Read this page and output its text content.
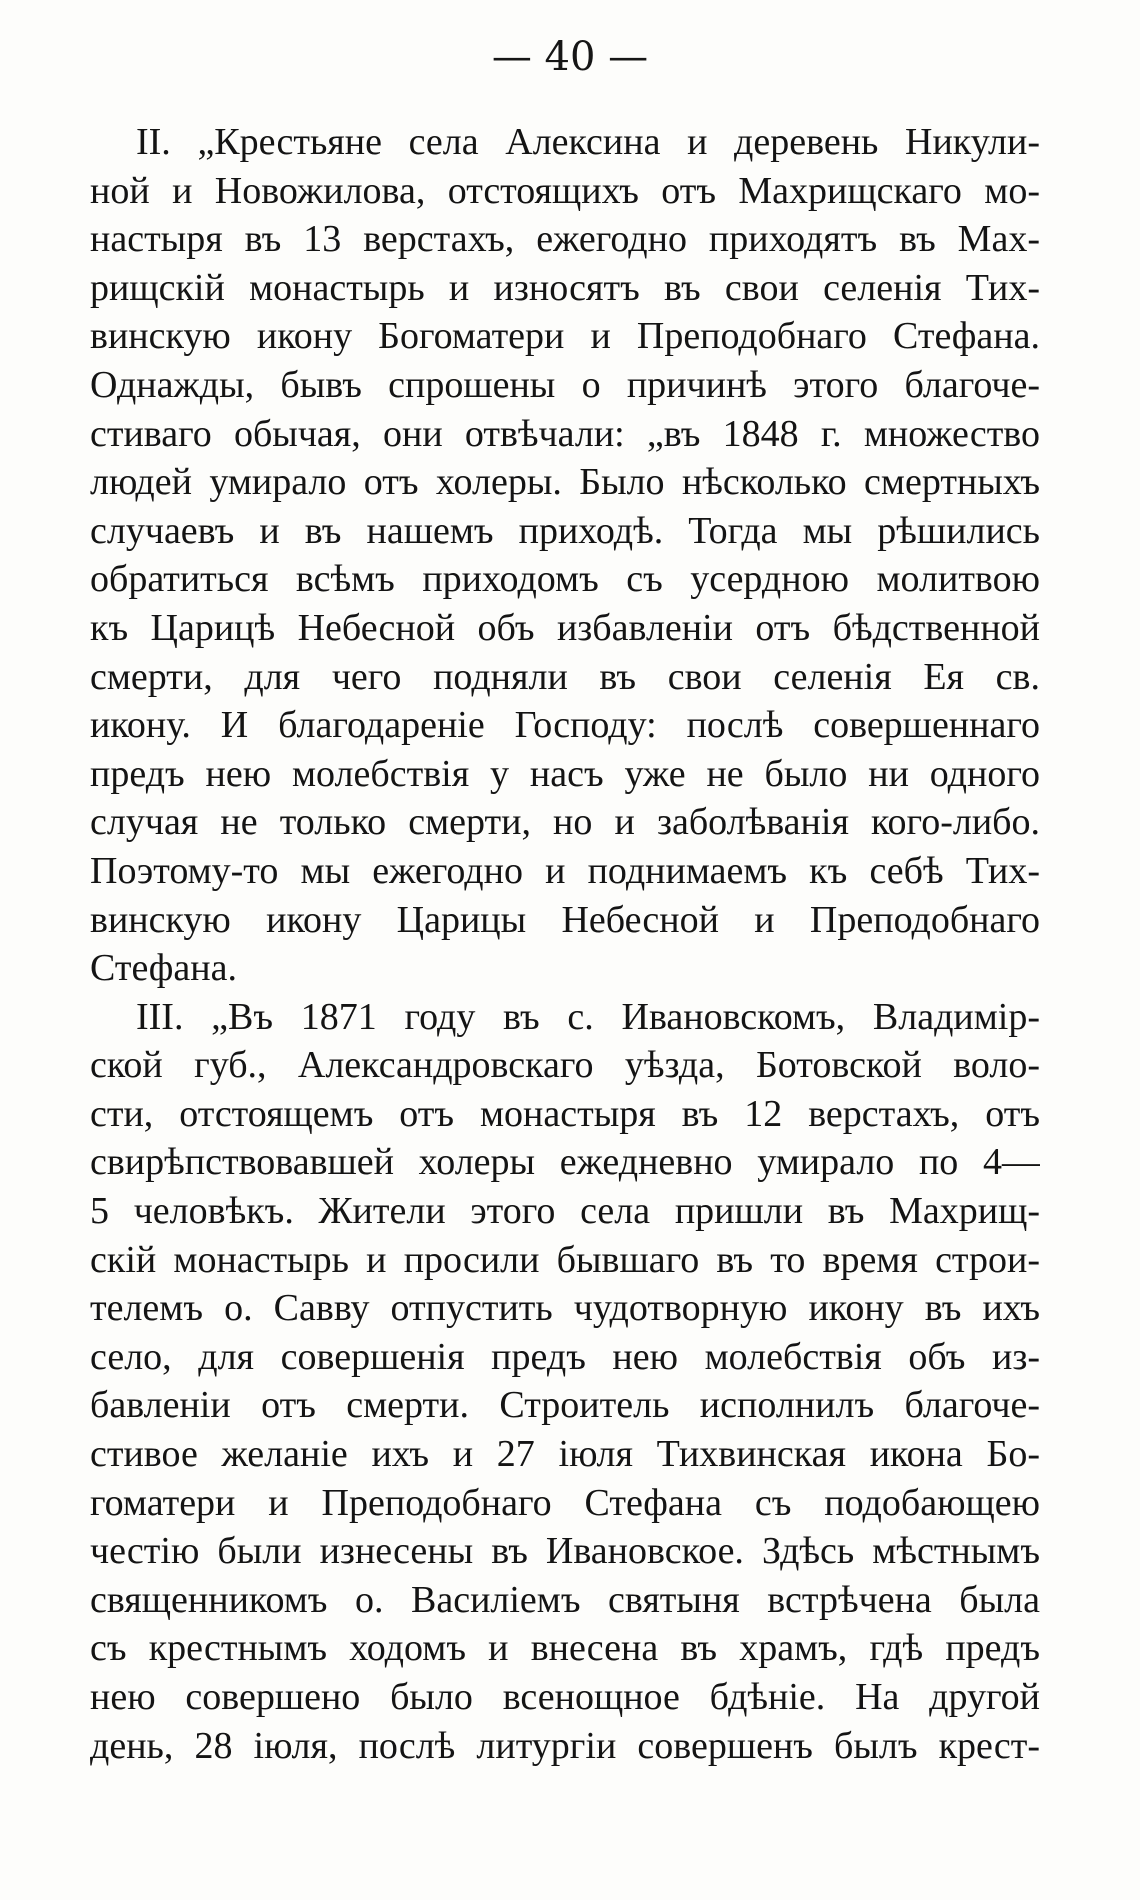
— 40 —
II. „Крестьяне села Алексина и деревень Никули-
ной и Новожилова, отстоящихъ отъ Махрищскаго мо-
настыря въ 13 верстахъ, ежегодно приходятъ въ Мах-
рищскій монастырь и износятъ въ свои селенія Тих-
винскую икону Богоматери и Преподобнаго Стефана.
Однажды, бывъ спрошены о причинѣ этого благоче-
стиваго обычая, они отвѣчали: „въ 1848 г. множество
людей умирало отъ холеры. Было нѣсколько смертныхъ
случаевъ и въ нашемъ приходѣ. Тогда мы рѣшились
обратиться всѣмъ приходомъ съ усердною молитвою
къ Царицѣ Небесной объ избавленіи отъ бѣдственной
смерти, для чего подняли въ свои селенія Ея св.
икону. И благодареніе Господу: послѣ совершеннаго
предъ нею молебствія у насъ уже не было ни одного
случая не только смерти, но и заболѣванія кого-либо.
Поэтому-то мы ежегодно и поднимаемъ къ себѣ Тих-
винскую икону Царицы Небесной и Преподобнаго
Стефана.
III. „Въ 1871 году въ с. Ивановскомъ, Владимір-
ской губ., Александровскаго уѣзда, Ботовской воло-
сти, отстоящемъ отъ монастыря въ 12 верстахъ, отъ
свирѣпствовавшей холеры ежедневно умирало по 4—
5 человѣкъ. Жители этого села пришли въ Махрищ-
скій монастырь и просили бывшаго въ то время строи-
телемъ о. Савву отпустить чудотворную икону въ ихъ
село, для совершенія предъ нею молебствія объ из-
бавленіи отъ смерти. Строитель исполнилъ благоче-
стивое желаніе ихъ и 27 іюля Тихвинская икона Бо-
гоматери и Преподобнаго Стефана съ подобающею
честію были изнесены въ Ивановское. Здѣсь мѣстнымъ
священникомъ о. Василіемъ святыня встрѣчена была
съ крестнымъ ходомъ и внесена въ храмъ, гдѣ предъ
нею совершено было всенощное бдѣніе. На другой
день, 28 іюля, послѣ литургіи совершенъ былъ крест-
